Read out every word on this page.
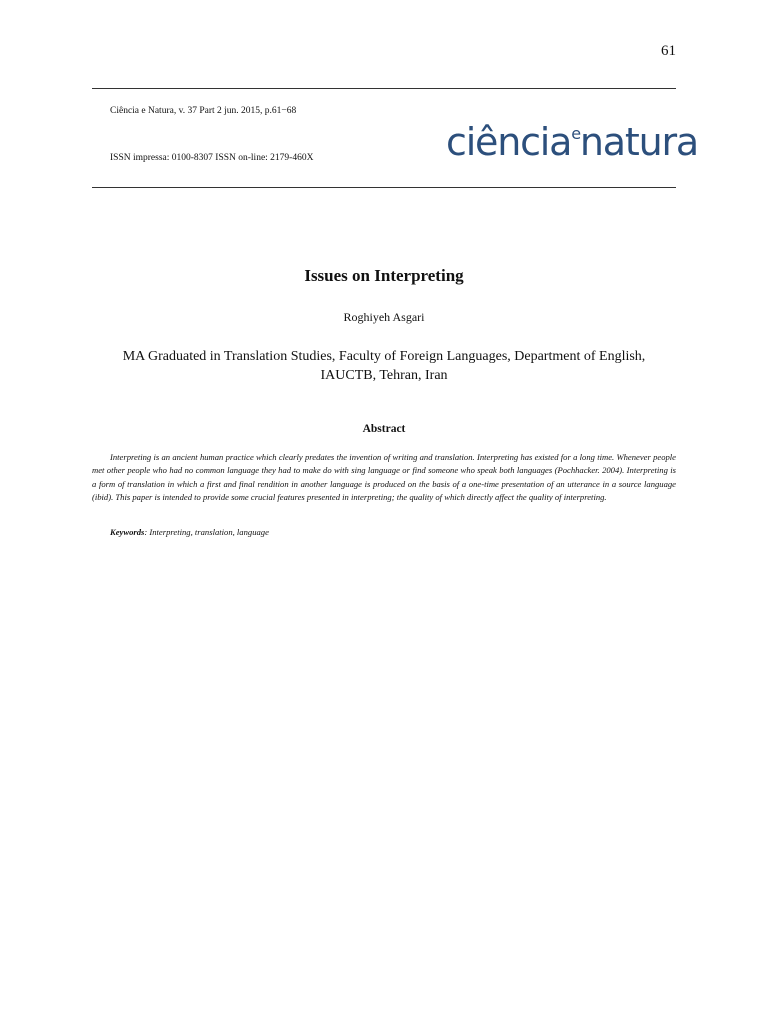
61
Ciência e Natura, v. 37 Part 2 jun. 2015, p.61−68
ISSN impressa: 0100-8307 ISSN on-line: 2179-460X	ciência$^e$natura
Issues on Interpreting
Roghiyeh Asgari
MA Graduated in Translation Studies, Faculty of Foreign Languages, Department of English, IAUCTB, Tehran, Iran
Abstract

Interpreting is an ancient human practice which clearly predates the invention of writing and translation. Interpreting has existed for a long time. Whenever people met other people who had no common language they had to make do with sing language or find someone who speak both languages (Pochhacker. 2004). Interpreting is a form of translation in which a first and final rendition in another language is produced on the basis of a one-time presentation of an utterance in a source language (ibid). This paper is intended to provide some crucial features presented in interpreting; the quality of which directly affect the quality of interpreting.

Keywords: Interpreting, translation, language
